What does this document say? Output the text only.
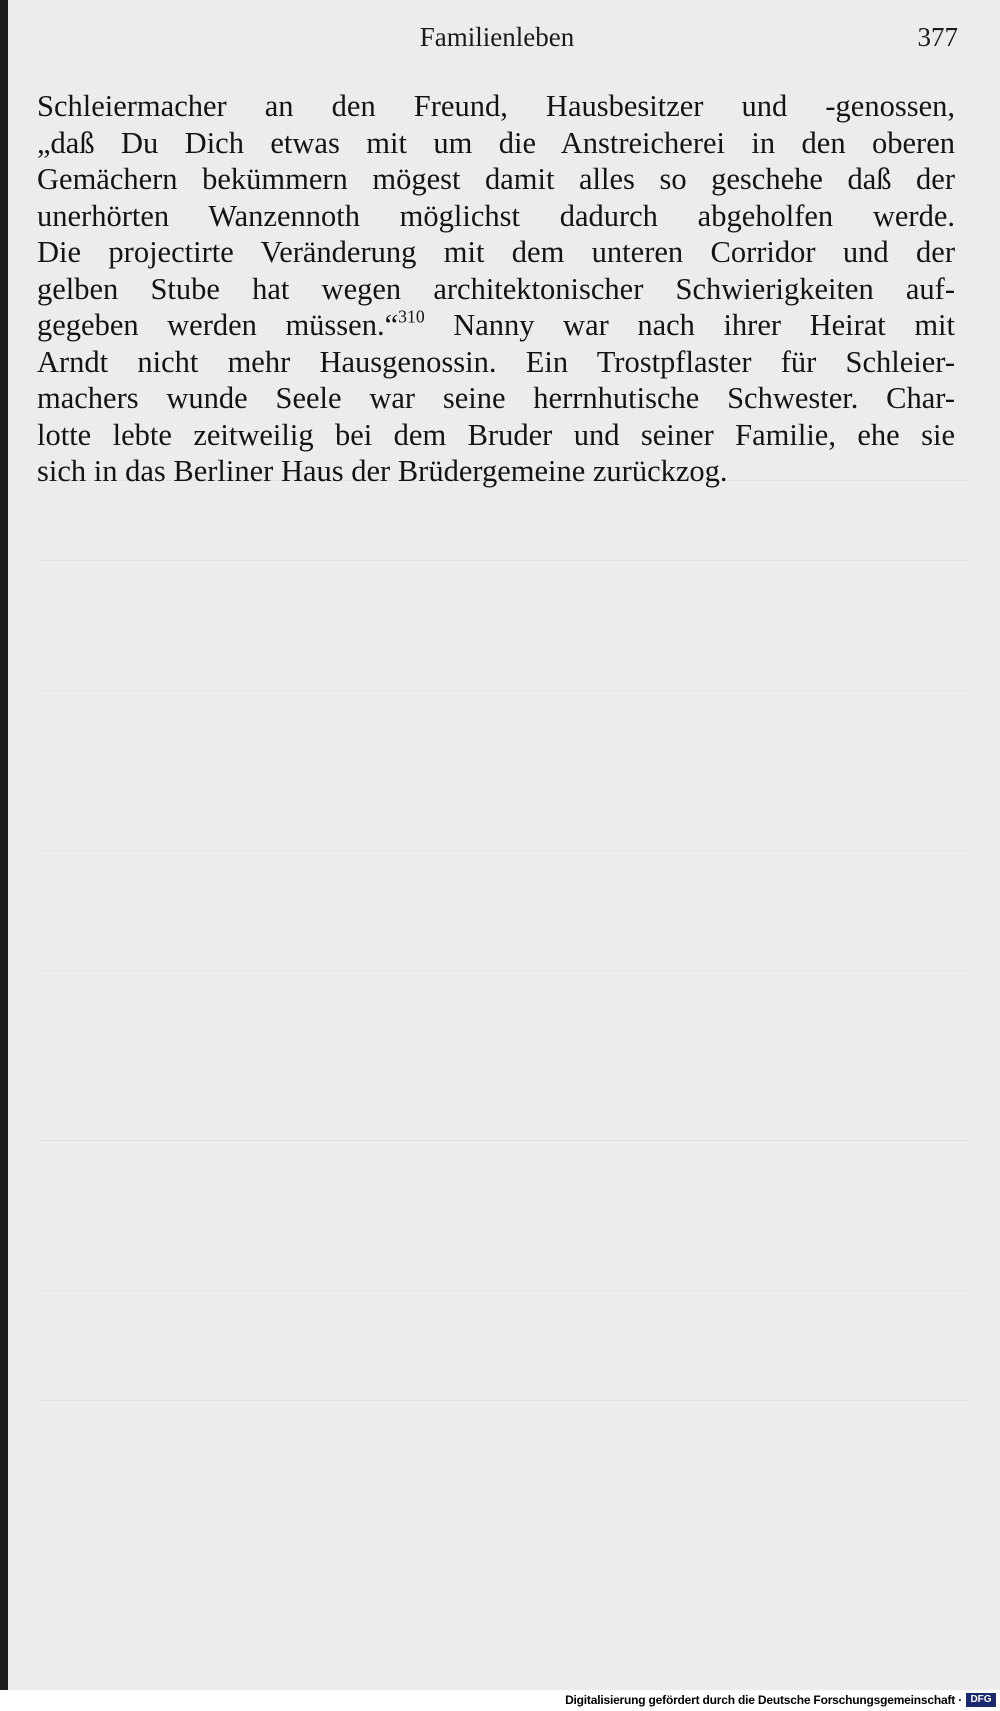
Familienleben	377
Schleiermacher an den Freund, Hausbesitzer und -genossen,
„daß Du Dich etwas mit um die Anstreicherei in den oberen
Gemächern bekümmern mögest damit alles so geschehe daß der
unerhörten Wanzennoth möglichst dadurch abgeholfen werde.
Die projectirte Veränderung mit dem unteren Corridor und der
gelben Stube hat wegen architektonischer Schwierigkeiten auf-
gegeben werden müssen.“$^{310}$ Nanny war nach ihrer Heirat mit
Arndt nicht mehr Hausgenossin. Ein Trostpflaster für Schleier-
machers wunde Seele war seine herrnhutische Schwester. Char-
lotte lebte zeitweilig bei dem Bruder und seiner Familie, ehe sie
sich in das Berliner Haus der Brüdergemeine zurückzog.
Digitalisierung gefördert durch die Deutsche Forschungsgemeinschaft · DFG
